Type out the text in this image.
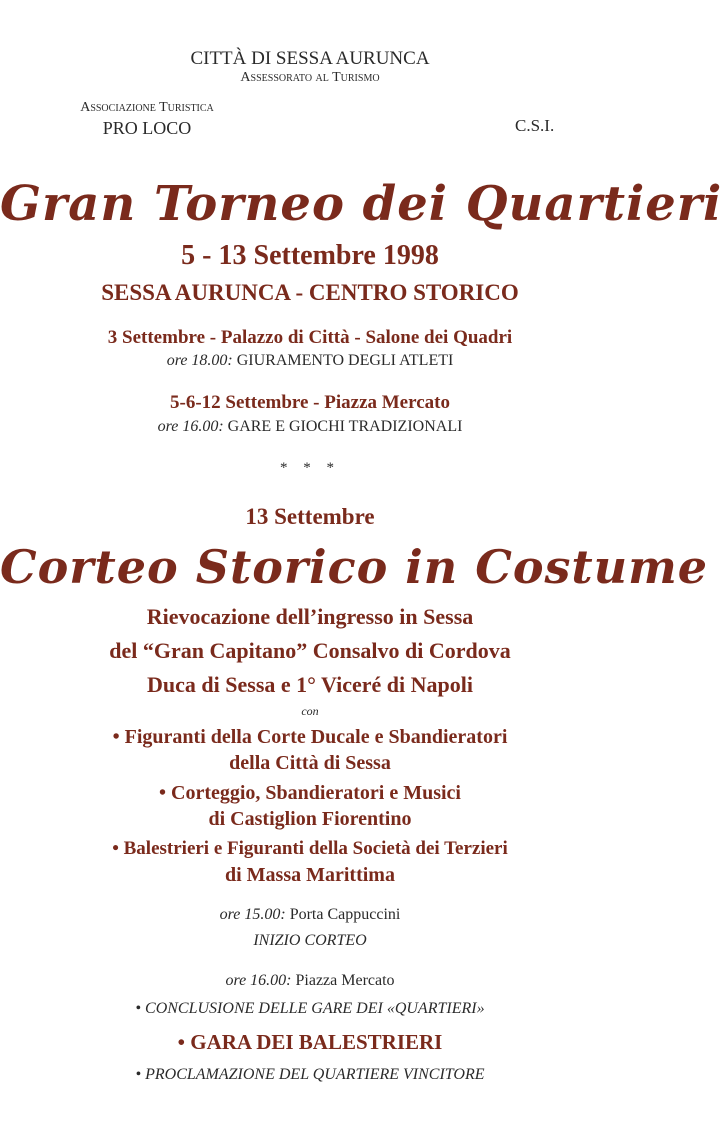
CITTÀ DI SESSA AURUNCA
Assessorato al Turismo
Associazione Turistica
PRO LOCO	C.S.I.
Gran Torneo dei Quartieri
5 - 13 Settembre 1998
SESSA AURUNCA - CENTRO STORICO
3 Settembre - Palazzo di Città - Salone dei Quadri
ore 18.00: GIURAMENTO DEGLI ATLETI
5-6-12 Settembre - Piazza Mercato
ore 16.00: GARE E GIOCHI TRADIZIONALI
* * *
13 Settembre
Corteo Storico in Costume
Rievocazione dell’ingresso in Sessa
del “Gran Capitano” Consalvo di Cordova
Duca di Sessa e 1° Viceré di Napoli
con
• Figuranti della Corte Ducale e Sbandieratori
della Città di Sessa
• Corteggio, Sbandieratori e Musici
di Castiglion Fiorentino
• Balestrieri e Figuranti della Società dei Terzieri
di Massa Marittima
ore 15.00: Porta Cappuccini
INIZIO CORTEO
ore 16.00: Piazza Mercato
• CONCLUSIONE DELLE GARE DEI «QUARTIERI»
• GARA DEI BALESTRIERI
• PROCLAMAZIONE DEL QUARTIERE VINCITORE
